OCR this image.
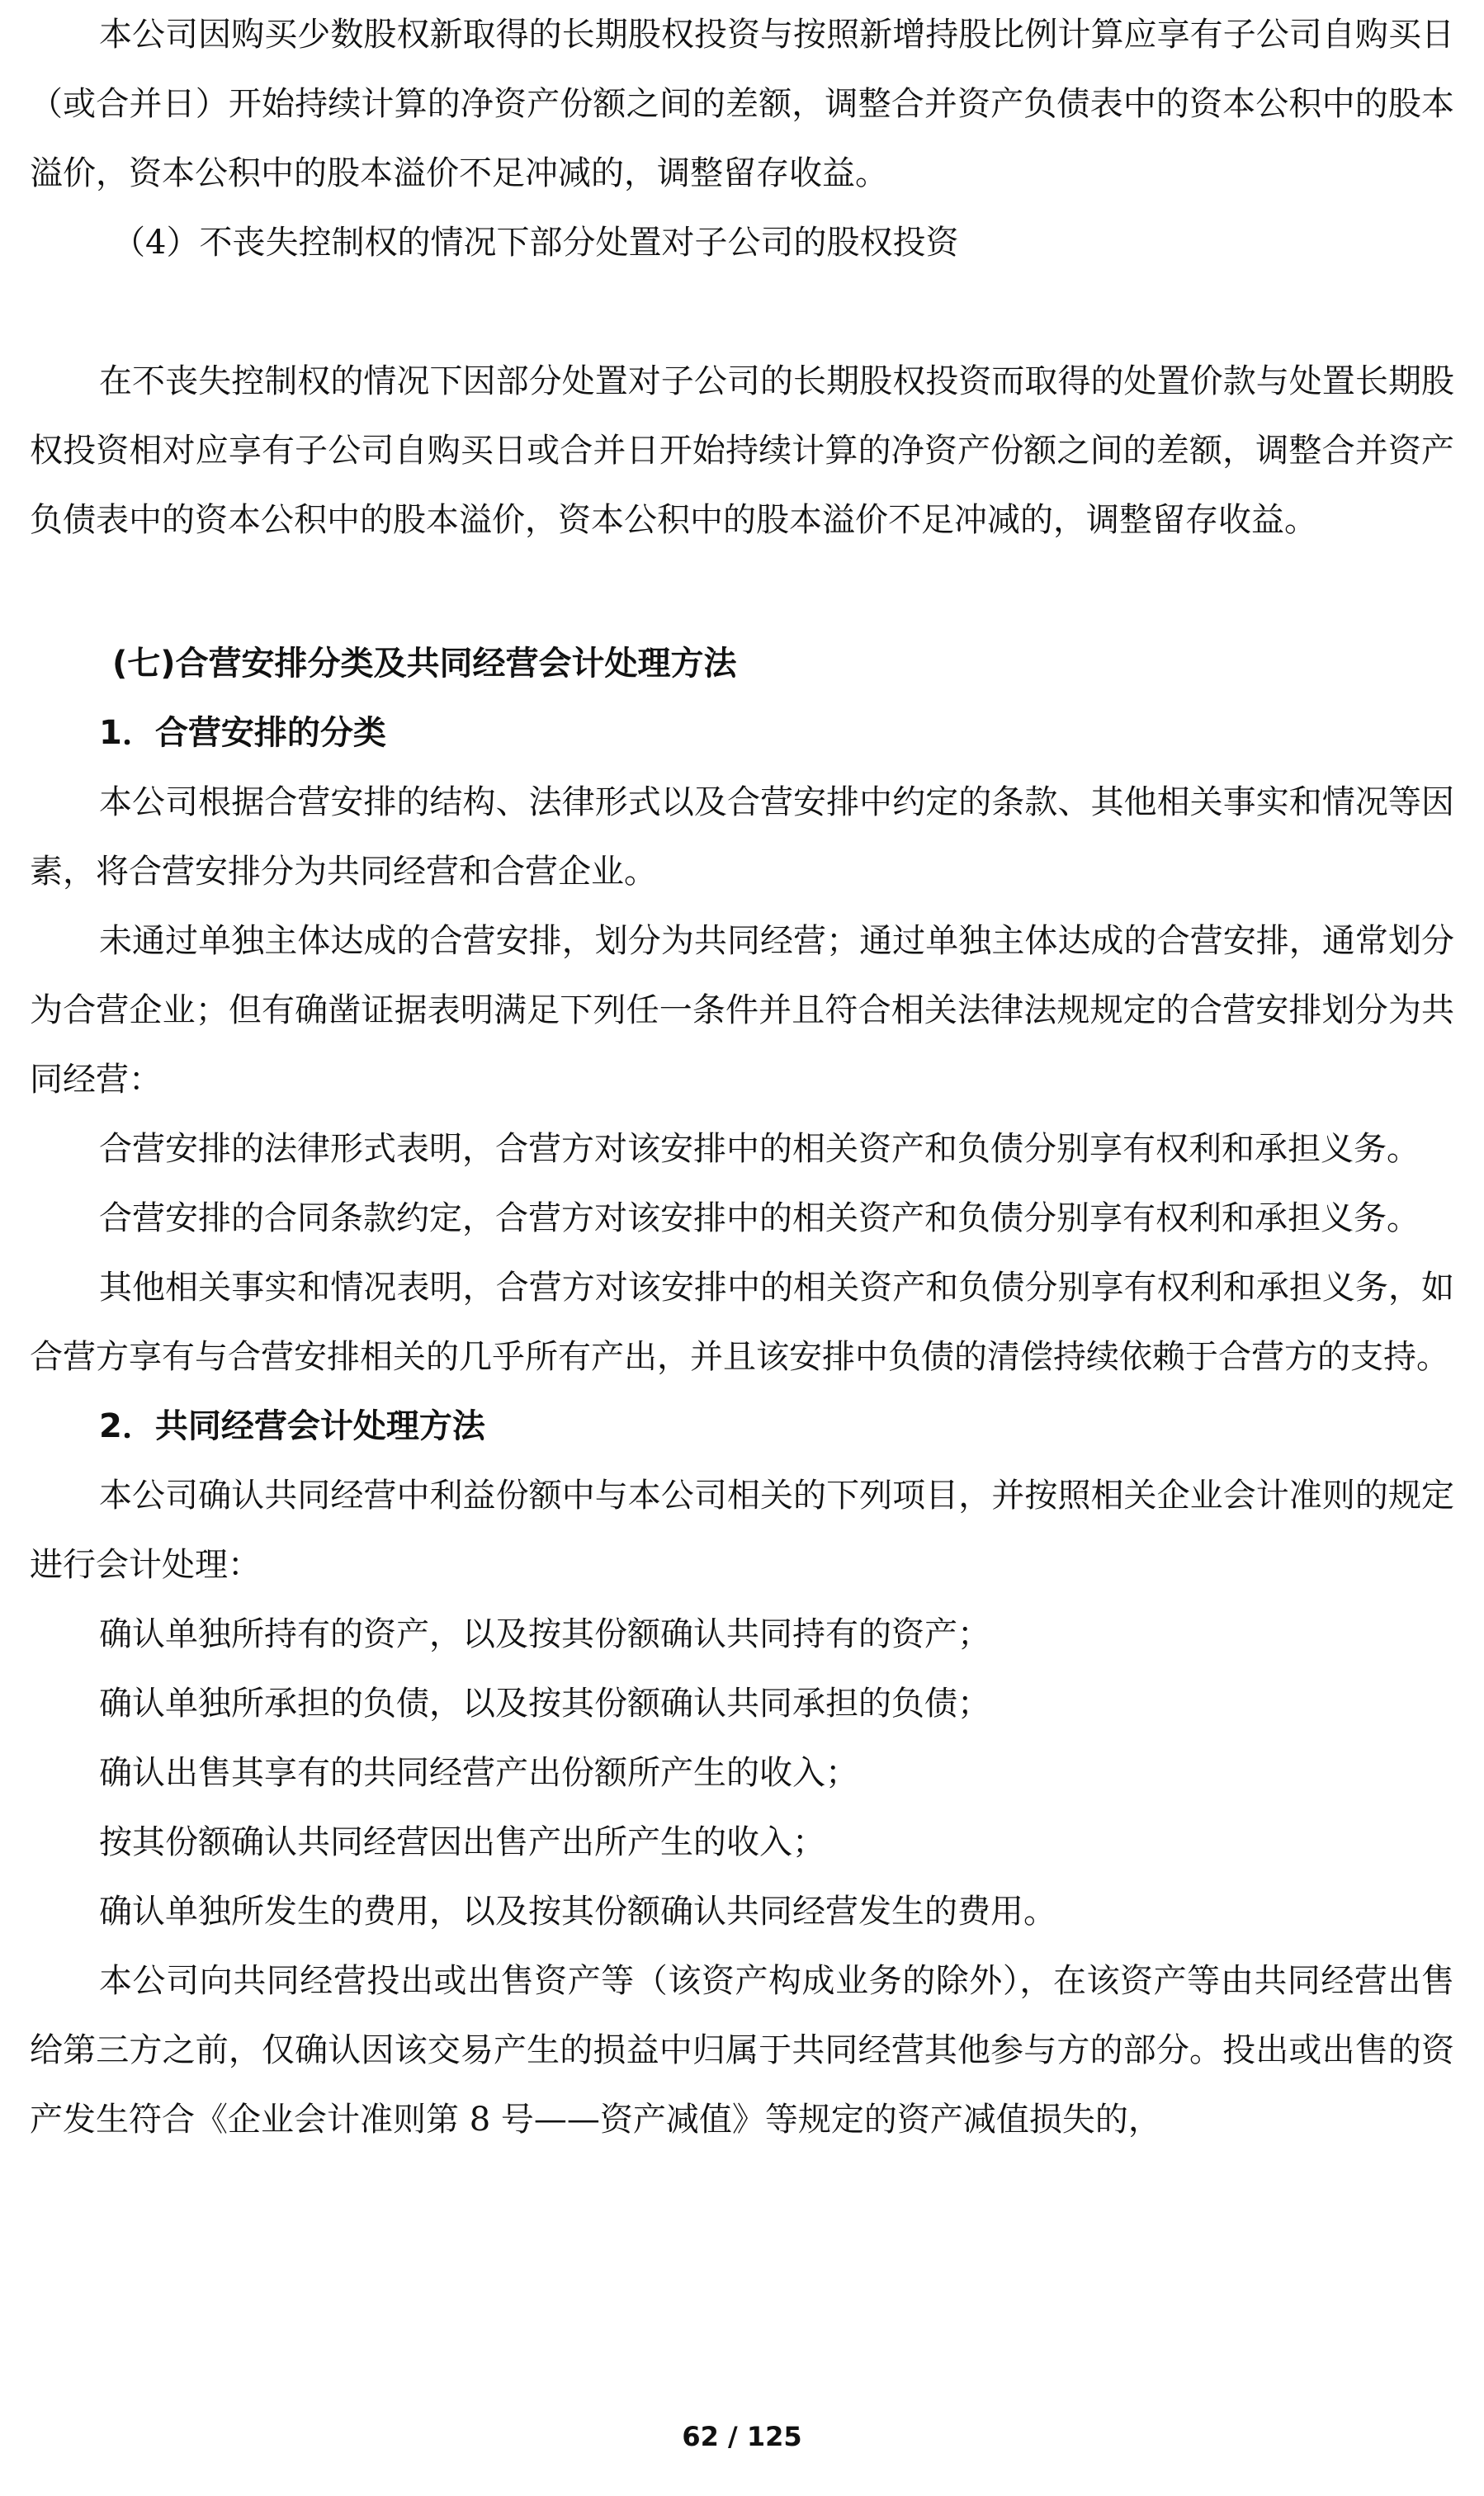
本公司因购买少数股权新取得的长期股权投资与按照新增持股比例计算应享有子公司自购买日（或合并日）开始持续计算的净资产份额之间的差额，调整合并资产负债表中的资本公积中的股本溢价，资本公积中的股本溢价不足冲减的，调整留存收益。

（4）不丧失控制权的情况下部分处置对子公司的股权投资

在不丧失控制权的情况下因部分处置对子公司的长期股权投资而取得的处置价款与处置长期股权投资相对应享有子公司自购买日或合并日开始持续计算的净资产份额之间的差额，调整合并资产负债表中的资本公积中的股本溢价，资本公积中的股本溢价不足冲减的，调整留存收益。

(七)合营安排分类及共同经营会计处理方法

1．合营安排的分类

本公司根据合营安排的结构、法律形式以及合营安排中约定的条款、其他相关事实和情况等因素，将合营安排分为共同经营和合营企业。

未通过单独主体达成的合营安排，划分为共同经营；通过单独主体达成的合营安排，通常划分为合营企业；但有确凿证据表明满足下列任一条件并且符合相关法律法规规定的合营安排划分为共同经营：

合营安排的法律形式表明，合营方对该安排中的相关资产和负债分别享有权利和承担义务。

合营安排的合同条款约定，合营方对该安排中的相关资产和负债分别享有权利和承担义务。

其他相关事实和情况表明，合营方对该安排中的相关资产和负债分别享有权利和承担义务，如合营方享有与合营安排相关的几乎所有产出，并且该安排中负债的清偿持续依赖于合营方的支持。

2．共同经营会计处理方法

本公司确认共同经营中利益份额中与本公司相关的下列项目，并按照相关企业会计准则的规定进行会计处理：

确认单独所持有的资产，以及按其份额确认共同持有的资产；

确认单独所承担的负债，以及按其份额确认共同承担的负债；

确认出售其享有的共同经营产出份额所产生的收入；

按其份额确认共同经营因出售产出所产生的收入；

确认单独所发生的费用，以及按其份额确认共同经营发生的费用。

本公司向共同经营投出或出售资产等（该资产构成业务的除外），在该资产等由共同经营出售给第三方之前，仅确认因该交易产生的损益中归属于共同经营其他参与方的部分。投出或出售的资产发生符合《企业会计准则第 8 号——资产减值》等规定的资产减值损失的，

62 / 125
